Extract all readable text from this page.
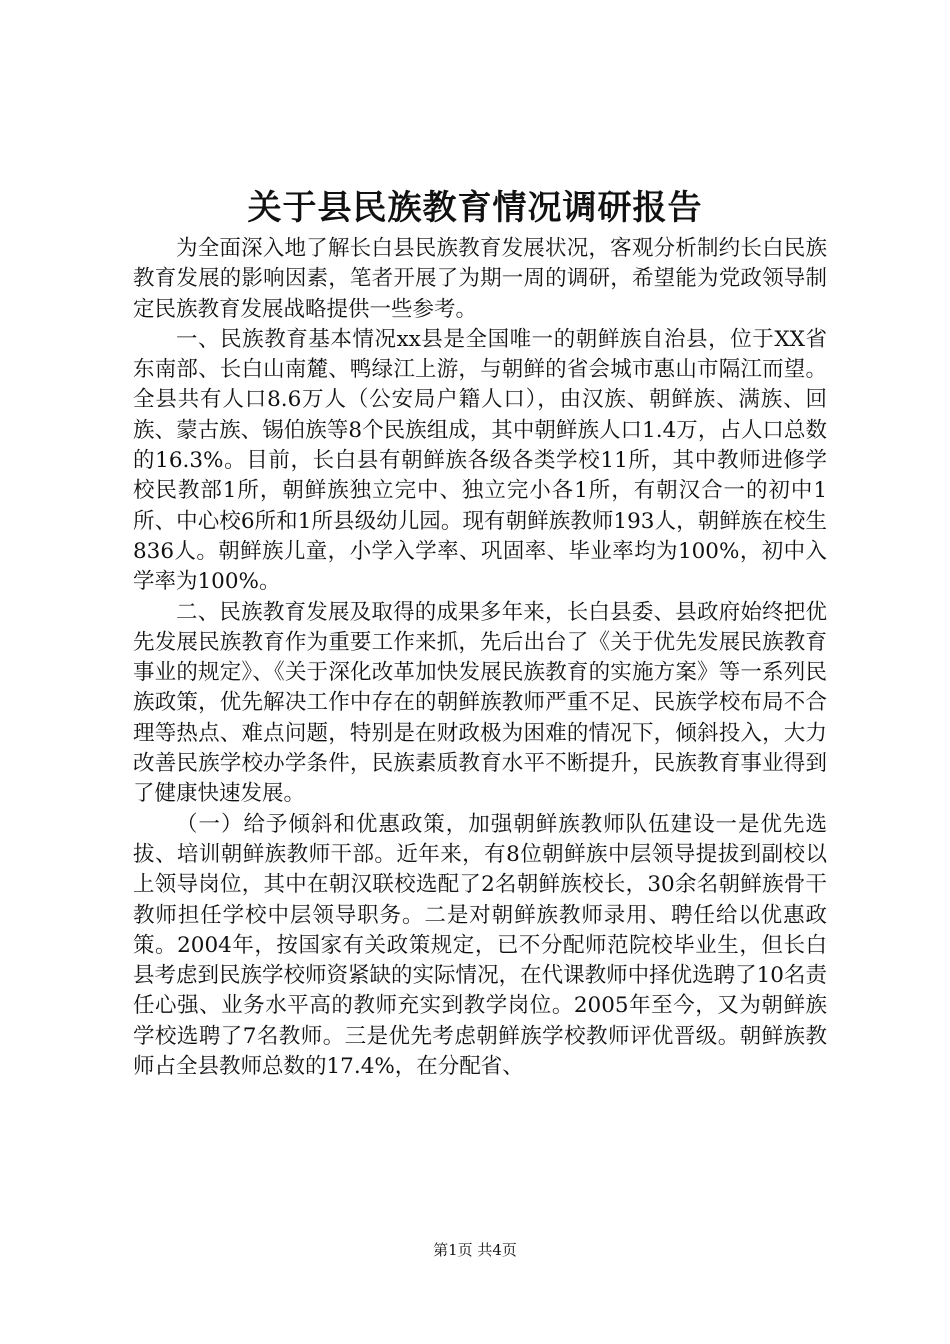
关于县民族教育情况调研报告

为全面深入地了解长白县民族教育发展状况，客观分析制约长白民族教育发展的影响因素，笔者开展了为期一周的调研，希望能为党政领导制定民族教育发展战略提供一些参考。

一、民族教育基本情况xx县是全国唯一的朝鲜族自治县，位于XX省东南部、长白山南麓、鸭绿江上游，与朝鲜的省会城市惠山市隔江而望。全县共有人口8.6万人（公安局户籍人口），由汉族、朝鲜族、满族、回族、蒙古族、锡伯族等8个民族组成，其中朝鲜族人口1.4万，占人口总数的16.3%。目前，长白县有朝鲜族各级各类学校11所，其中教师进修学校民教部1所，朝鲜族独立完中、独立完小各1所，有朝汉合一的初中1所、中心校6所和1所县级幼儿园。现有朝鲜族教师193人，朝鲜族在校生836人。朝鲜族儿童，小学入学率、巩固率、毕业率均为100%，初中入学率为100%。

二、民族教育发展及取得的成果多年来，长白县委、县政府始终把优先发展民族教育作为重要工作来抓，先后出台了《关于优先发展民族教育事业的规定》、《关于深化改革加快发展民族教育的实施方案》等一系列民族政策，优先解决工作中存在的朝鲜族教师严重不足、民族学校布局不合理等热点、难点问题，特别是在财政极为困难的情况下，倾斜投入，大力改善民族学校办学条件，民族素质教育水平不断提升，民族教育事业得到了健康快速发展。

（一）给予倾斜和优惠政策，加强朝鲜族教师队伍建设一是优先选拔、培训朝鲜族教师干部。近年来，有8位朝鲜族中层领导提拔到副校以上领导岗位，其中在朝汉联校选配了2名朝鲜族校长，30余名朝鲜族骨干教师担任学校中层领导职务。二是对朝鲜族教师录用、聘任给以优惠政策。2004年，按国家有关政策规定，已不分配师范院校毕业生，但长白县考虑到民族学校师资紧缺的实际情况，在代课教师中择优选聘了10名责任心强、业务水平高的教师充实到教学岗位。2005年至今，又为朝鲜族学校选聘了7名教师。三是优先考虑朝鲜族学校教师评优晋级。朝鲜族教师占全县教师总数的17.4%，在分配省、

第1页 共4页
